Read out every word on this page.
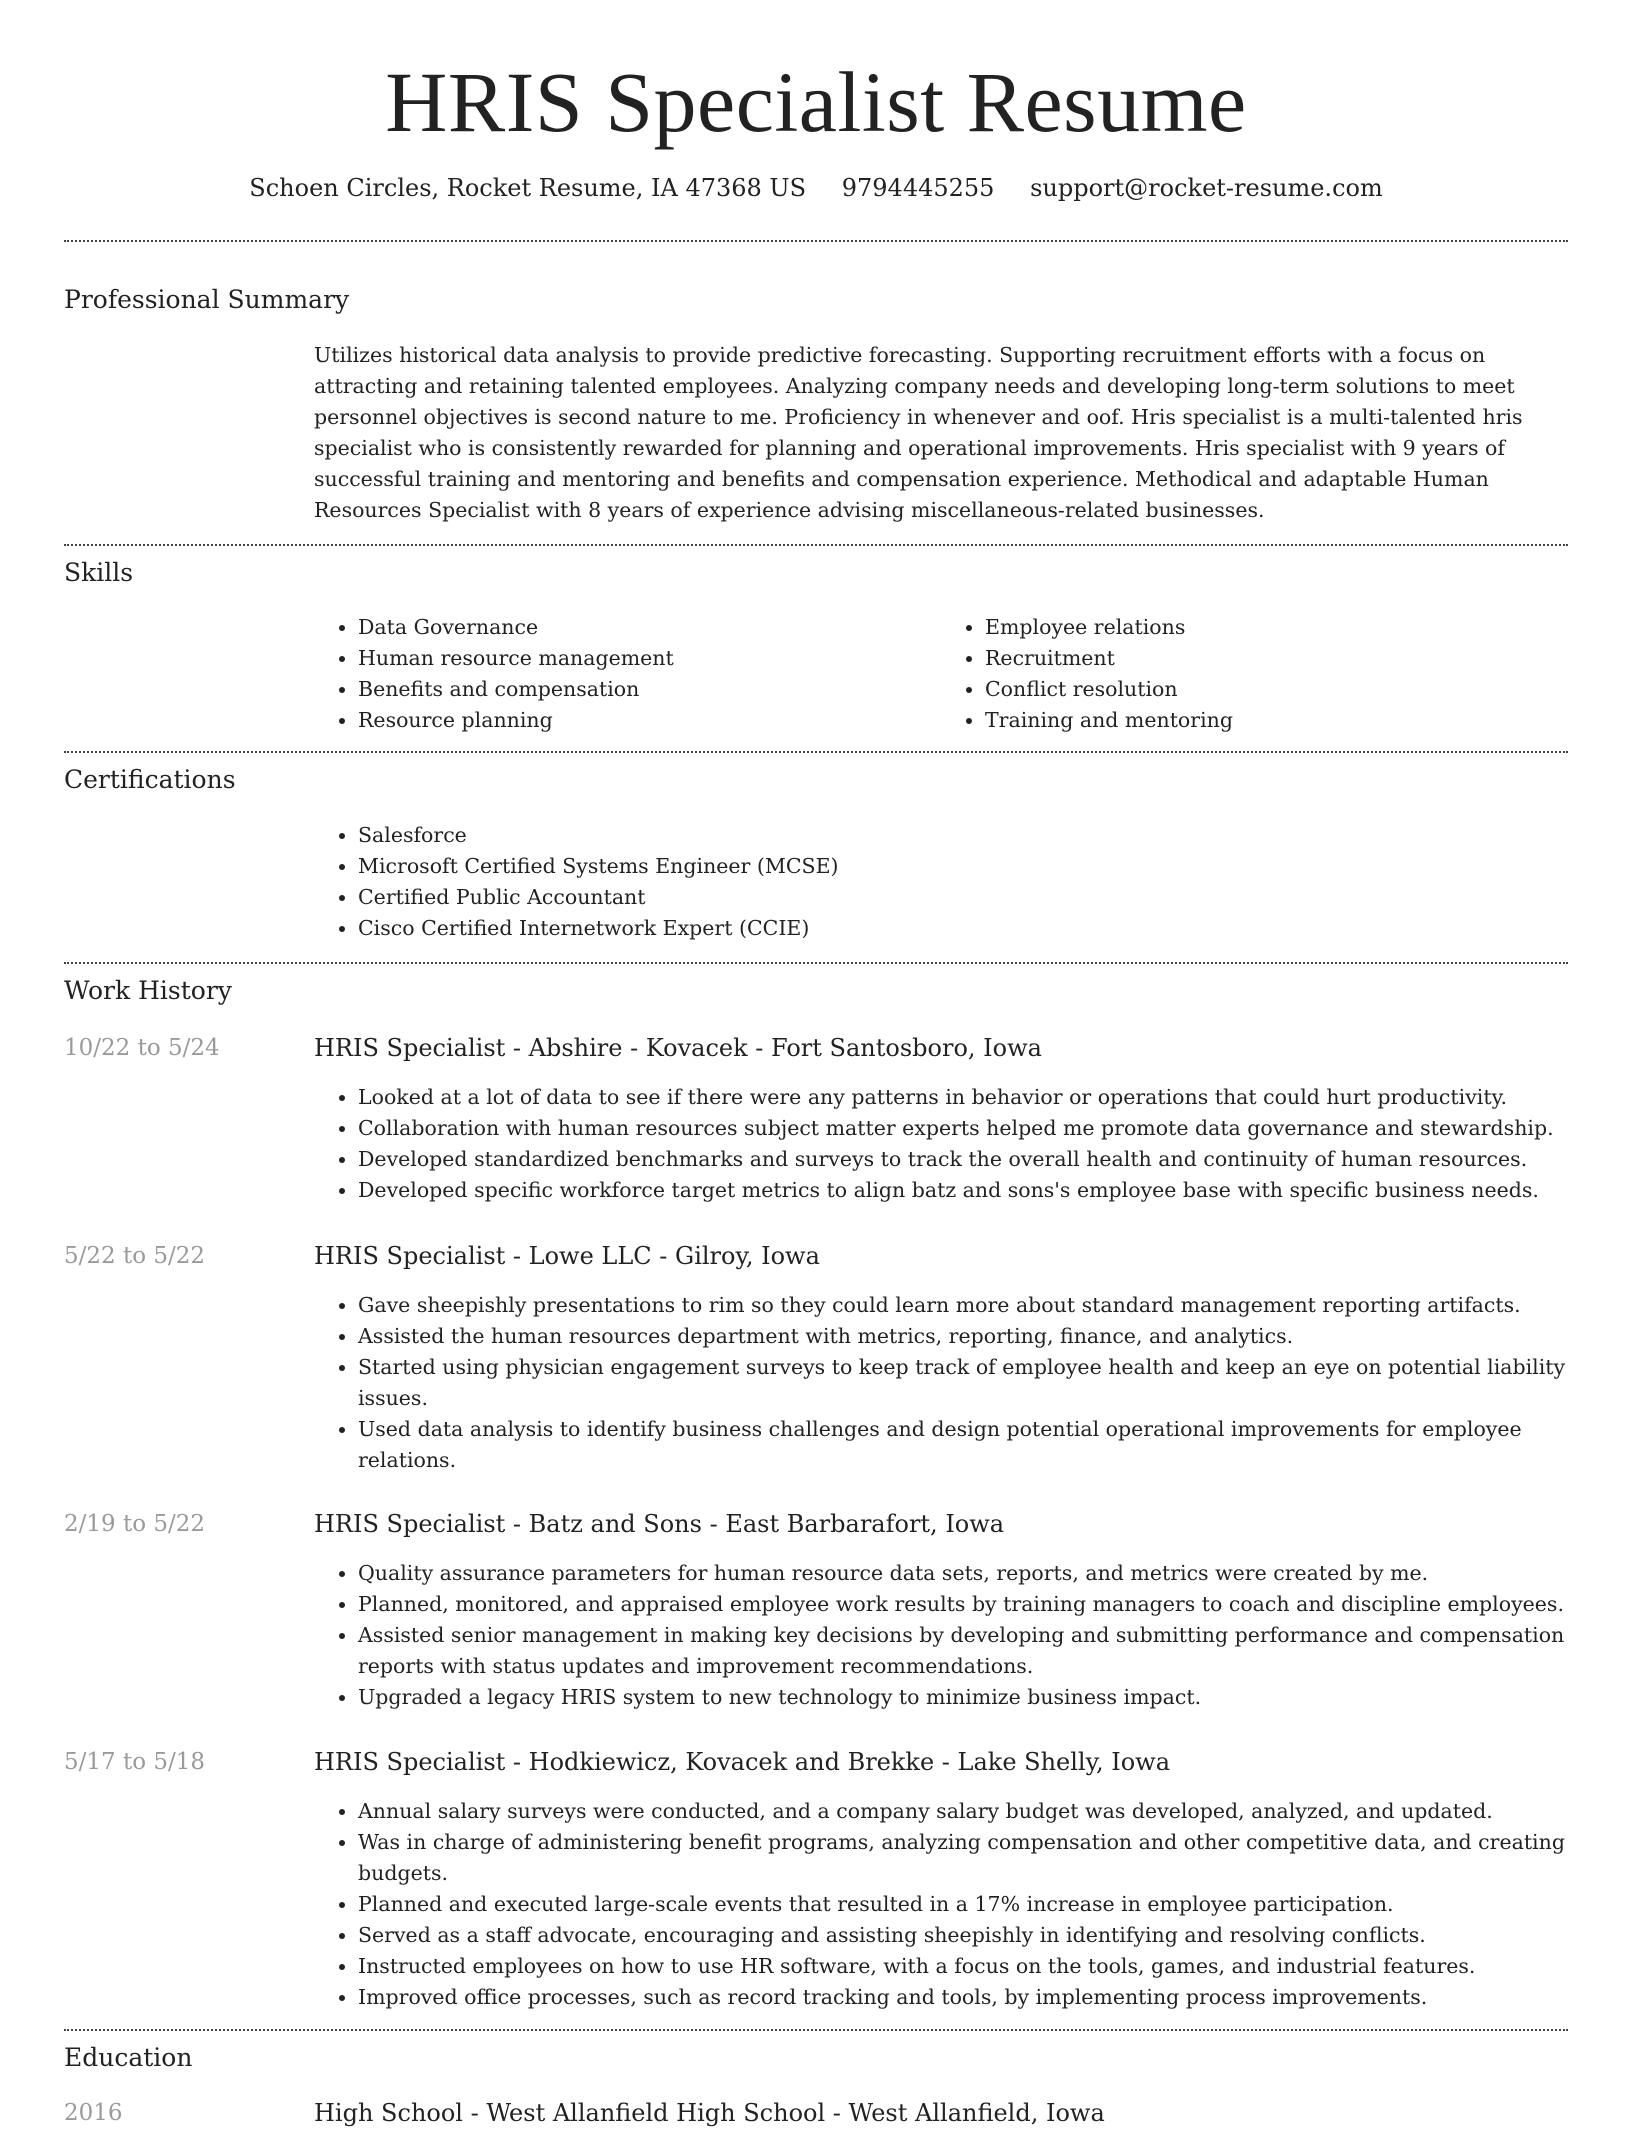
HRIS Specialist Resume
Schoen Circles, Rocket Resume, IA 47368 US 9794445255 support@rocket-resume.com
Professional Summary

Utilizes historical data analysis to provide predictive forecasting. Supporting recruitment efforts with a focus on attracting and retaining talented employees. Analyzing company needs and developing long-term solutions to meet personnel objectives is second nature to me. Proficiency in whenever and oof. Hris specialist is a multi-talented hris specialist who is consistently rewarded for planning and operational improvements. Hris specialist with 9 years of successful training and mentoring and benefits and compensation experience. Methodical and adaptable Human Resources Specialist with 8 years of experience advising miscellaneous-related businesses.

Skills
• Data Governance
• Human resource management
• Benefits and compensation
• Resource planning
• Employee relations
• Recruitment
• Conflict resolution
• Training and mentoring
Certifications
• Salesforce
• Microsoft Certified Systems Engineer (MCSE)
• Certified Public Accountant
• Cisco Certified Internetwork Expert (CCIE)
Work History
10/22 to 5/24	HRIS Specialist - Abshire - Kovacek - Fort Santosboro, Iowa
• Looked at a lot of data to see if there were any patterns in behavior or operations that could hurt productivity.
• Collaboration with human resources subject matter experts helped me promote data governance and stewardship.
• Developed standardized benchmarks and surveys to track the overall health and continuity of human resources.
• Developed specific workforce target metrics to align batz and sons's employee base with specific business needs.
5/22 to 5/22	HRIS Specialist - Lowe LLC - Gilroy, Iowa
• Gave sheepishly presentations to rim so they could learn more about standard management reporting artifacts.
• Assisted the human resources department with metrics, reporting, finance, and analytics.
• Started using physician engagement surveys to keep track of employee health and keep an eye on potential liability issues.
• Used data analysis to identify business challenges and design potential operational improvements for employee relations.
2/19 to 5/22	HRIS Specialist - Batz and Sons - East Barbarafort, Iowa
• Quality assurance parameters for human resource data sets, reports, and metrics were created by me.
• Planned, monitored, and appraised employee work results by training managers to coach and discipline employees.
• Assisted senior management in making key decisions by developing and submitting performance and compensation reports with status updates and improvement recommendations.
• Upgraded a legacy HRIS system to new technology to minimize business impact.
5/17 to 5/18	HRIS Specialist - Hodkiewicz, Kovacek and Brekke - Lake Shelly, Iowa
• Annual salary surveys were conducted, and a company salary budget was developed, analyzed, and updated.
• Was in charge of administering benefit programs, analyzing compensation and other competitive data, and creating budgets.
• Planned and executed large-scale events that resulted in a 17% increase in employee participation.
• Served as a staff advocate, encouraging and assisting sheepishly in identifying and resolving conflicts.
• Instructed employees on how to use HR software, with a focus on the tools, games, and industrial features.
• Improved office processes, such as record tracking and tools, by implementing process improvements.
Education
2016	High School - West Allanfield High School - West Allanfield, Iowa
